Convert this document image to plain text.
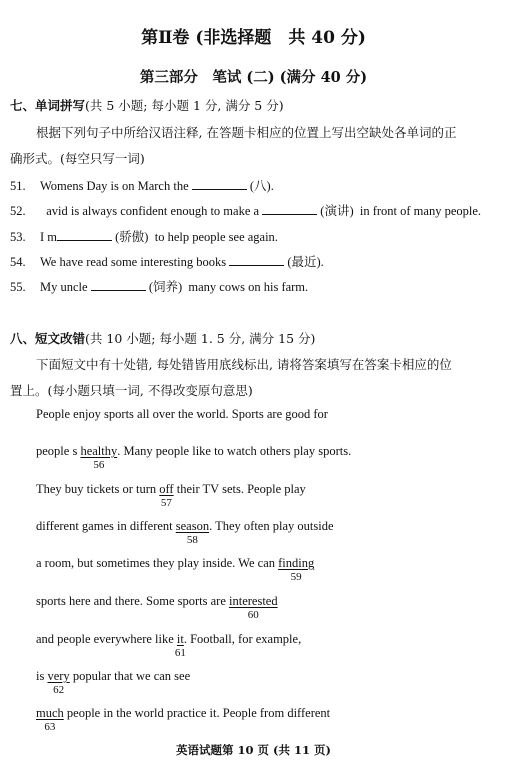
第Ⅱ卷 (非选择题　共 40 分)
第三部分　笔试 (二) (满分 40 分)
七、单词拼写(共 5 小题; 每小题 1 分, 满分 5 分)
根据下列句子中所给汉语注释, 在答题卡相应的位置上写出空缺处各单词的正
确形式。(每空只写一词)
51. Womens Day is on March the	(八).
52. avid is always confident enough to make a	(演讲) in front of many people.
53. I m	(骄傲) to help people see again.
54. We have read some interesting books	(最近).
55. My uncle	(饲养) many cows on his farm.
八、短文改错(共 10 小题; 每小题 1. 5 分, 满分 15 分)
下面短文中有十处错, 每处错皆用底线标出, 请将答案填写在答案卡相应的位
置上。(每小题只填一词, 不得改变原句意思)
People enjoy sports all over the world. Sports are good for
people s healthy
56
. Many people like to watch others play sports.
They buy tickets or turn off
57
their TV sets. People play
different games in different season
58
. They often play outside
a room, but sometimes they play inside. We can finding
59
sports here and there. Some sports are interested
60
and people everywhere like $\frac{it}{61}$ . Football, for example,
is very
62
popular that we can see
much
63
people in the world practice it. People from different
英语试题第 10 页 (共 11 页)
